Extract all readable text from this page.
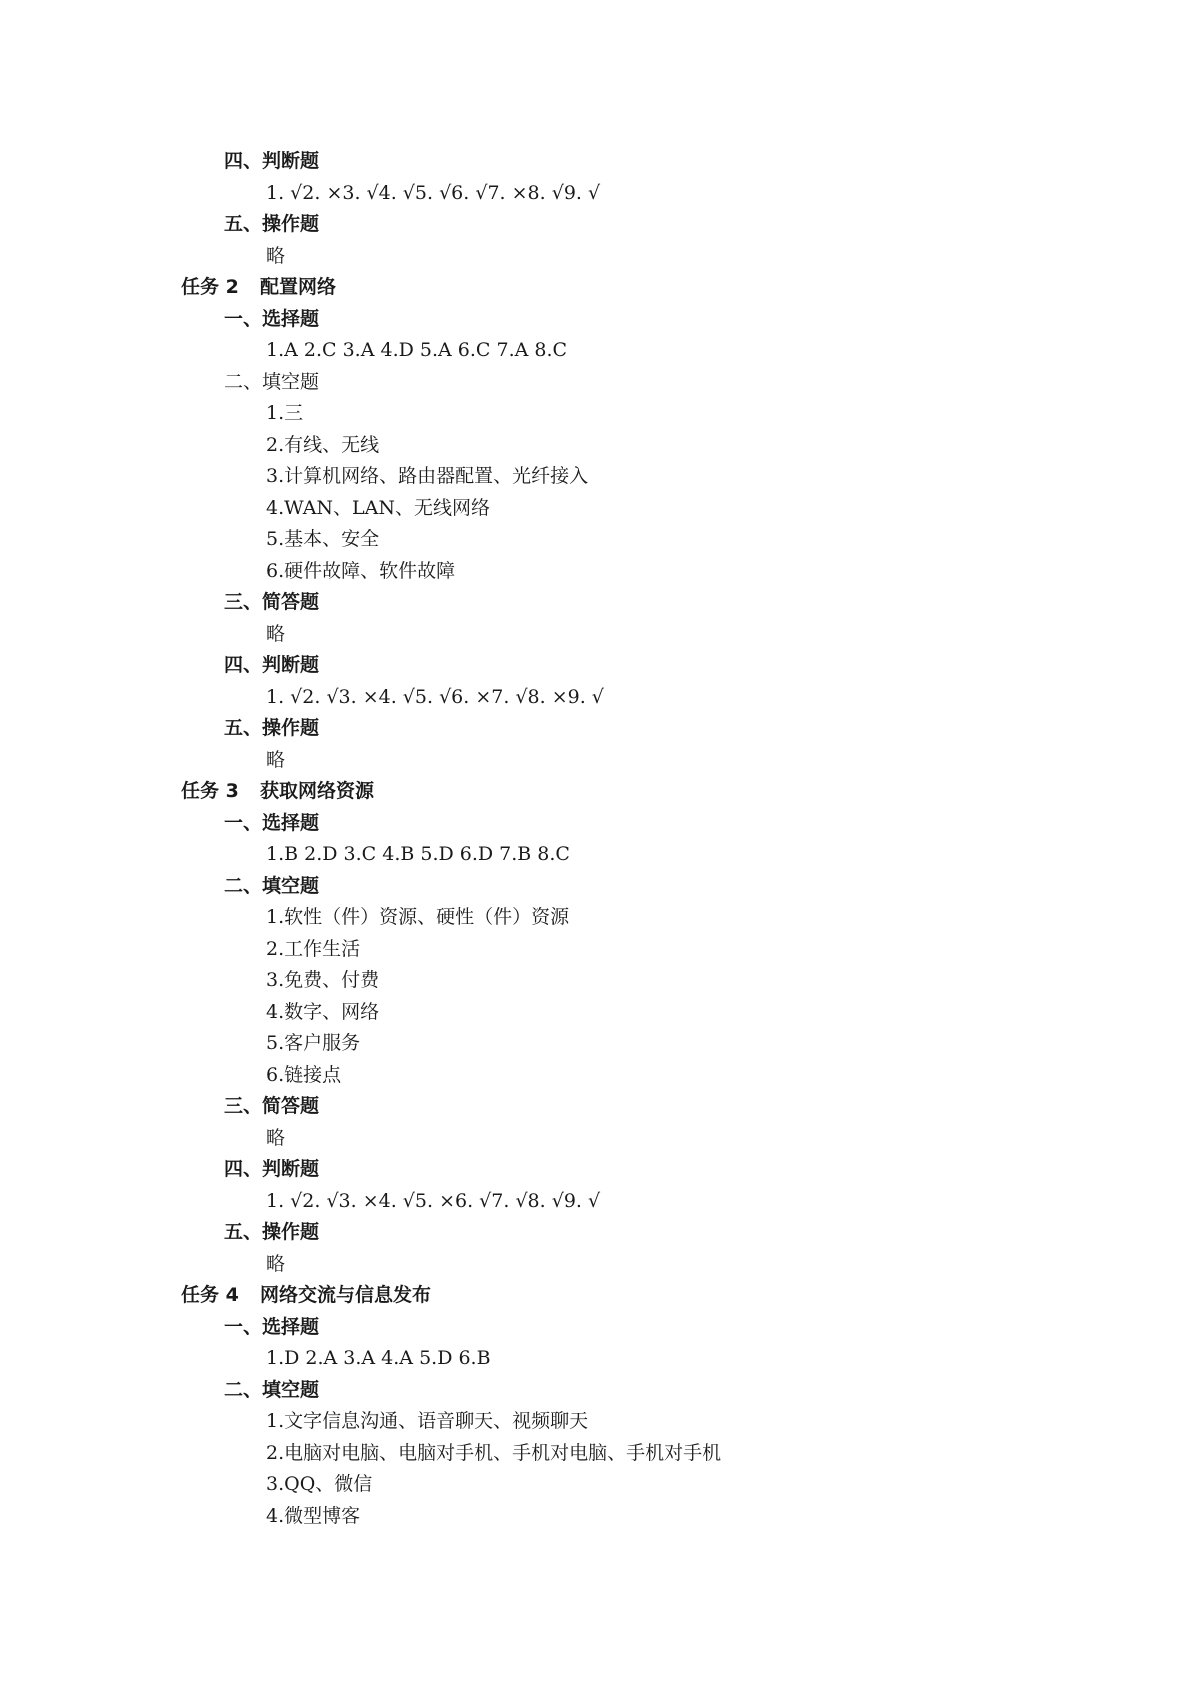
四、判断题
1. √2. ×3. √4. √5. √6. √7. ×8. √9. √
五、操作题
略
任务 2 配置网络
一、选择题
1.A 2.C 3.A 4.D 5.A 6.C 7.A 8.C
二、填空题
1.三
2.有线、无线
3.计算机网络、路由器配置、光纤接入
4.WAN、LAN、无线网络
5.基本、安全
6.硬件故障、软件故障
三、简答题
略
四、判断题
1. √2. √3. ×4. √5. √6. ×7. √8. ×9. √
五、操作题
略
任务 3 获取网络资源
一、选择题
1.B 2.D 3.C 4.B 5.D 6.D 7.B 8.C
二、填空题
1.软性（件）资源、硬性（件）资源
2.工作生活
3.免费、付费
4.数字、网络
5.客户服务
6.链接点
三、简答题
略
四、判断题
1. √2. √3. ×4. √5. ×6. √7. √8. √9. √
五、操作题
略
任务 4 网络交流与信息发布
一、选择题
1.D 2.A 3.A 4.A 5.D 6.B
二、填空题
1.文字信息沟通、语音聊天、视频聊天
2.电脑对电脑、电脑对手机、手机对电脑、手机对手机
3.QQ、微信
4.微型博客
